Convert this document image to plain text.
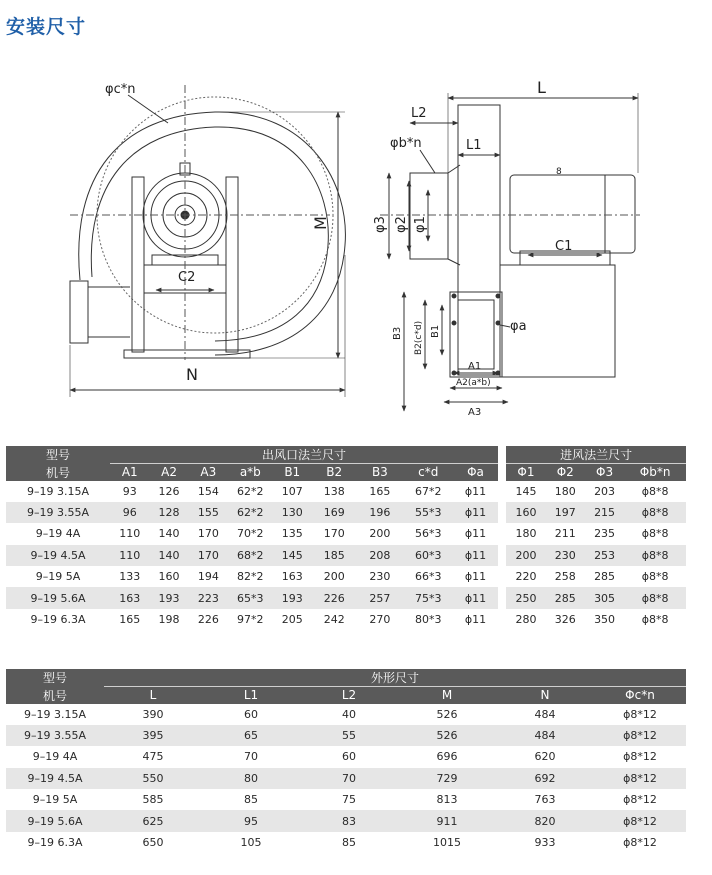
安装尺寸
φc*n
C2
M
N
L
L2
L1
φb*n
φ3 φ2 φ1
C1
8
B3 B2(c*d) B1	φa
A1
A2(a*b)
A3
型号	出风口法兰尺寸										进风法兰尺寸			
机号	A1	A2	A3	a*b	B1	B2	B3	c*d	Φa		Φ1	Φ2	Φ3	Φb*n
9–19 3.15A	93	126	154	62*2	107	138	165	67*2	ϕ11		145	180	203	ϕ8*8
9–19 3.55A	96	128	155	62*2	130	169	196	55*3	ϕ11		160	197	215	ϕ8*8
9–19 4A	110	140	170	70*2	135	170	200	56*3	ϕ11		180	211	235	ϕ8*8
9–19 4.5A	110	140	170	68*2	145	185	208	60*3	ϕ11		200	230	253	ϕ8*8
9–19 5A	133	160	194	82*2	163	200	230	66*3	ϕ11		220	258	285	ϕ8*8
9–19 5.6A	163	193	223	65*3	193	226	257	75*3	ϕ11		250	285	305	ϕ8*8
9–19 6.3A	165	198	226	97*2	205	242	270	80*3	ϕ11		280	326	350	ϕ8*8
型号	外形尺寸					
机号	L	L1	L2	M	N	Φc*n
9–19 3.15A	390	60	40	526	484	ϕ8*12
9–19 3.55A	395	65	55	526	484	ϕ8*12
9–19 4A	475	70	60	696	620	ϕ8*12
9–19 4.5A	550	80	70	729	692	ϕ8*12
9–19 5A	585	85	75	813	763	ϕ8*12
9–19 5.6A	625	95	83	911	820	ϕ8*12
9–19 6.3A	650	105	85	1015	933	ϕ8*12
